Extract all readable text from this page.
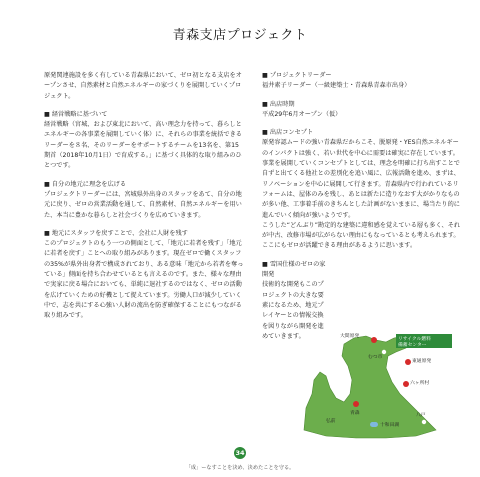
青森支店プロジェクト

原発関連施設を多く有している青森県において、ゼロ初となる支店をオープンさせ、自然素材と自然エネルギーの家づくりを展開していくプロジェクト。

■ 経営戦略に基づいて

経営戦略（宮城、および東北において、高い理念力を持って、暮らしとエネルギーの各事業を展開していく体）に、それらの事業を統括できるリーダーを８名、そのリーダーをサポートするチームを13名を、第15期首（2018年10月1日）で育成する。」に基づく具体的な取り組みのひとつです。

■ 自分の地元に理念を広げる

プロジェクトリーダーには、宮城県外出身のスタッフをあて、自分の地元に戻り、ゼロの営業活動を通して、自然素材、自然エネルギーを用いた、本当に豊かな暮らしと社会づくりを広めていきます。

■ 地元にスタッフを戻すことで、会社に人財を残す

このプロジェクトのもう一つの側面として、「地元に若者を残す」「地元に若者を戻す」ことへの取り組みがあります。現在ゼロで働くスタッフの35%が県外出身者で構成されており、ある意味「地元から若者を奪っている」側面を持ち合わせているとも言えるのです。また、様々な理由で実家に戻る場合においても、単純に退社するのではなく、ゼロの活動を広げていくための好機として捉えています。労働人口が減少していく中で、志を共にする心強い人財の流出を防ぎ確保することにもつながる取り組みです。

■ プロジェクトリーダー

福井素子リーダー（一級建築士・青森県青森市出身）

■ 出店時期

平成29年6月オープン（仮）

■ 出店コンセプト

原発容認ムードの強い青森県だからこそ、脱原発・YES自然エネルギーのインパクトは強く、若い世代を中心に需要は確実に存在しています。事業を展開していくコンセプトとしては、理念を明確に打ち出すことで自ずと出てくる他社との差別化を追い風に、広報活動を進め、まずは、リノベーションを中心に展開して行きます。青森県内で行われているリフォームは、屋体のみを残し、あとは新たに造りなおす大がかりなものが多い他、工事着手前のきちんとした計画がないままに、場当たり的に進んでいく傾向が強いようです。

こうした“どんぶり”勘定的な建築に違和感を覚えている層も多く、それが中古、改修市場が広がらない理由にもなっているとも考えられます。ここにもゼロが活躍できる理由があるように思います。

■ 雪国仕様のゼロの家開発

技術的な開発もこのプロジェクトの大きな要素になるため、地元プレイヤーとの情報交換を図りながら開発を進めていきます。	大間原発
むつ市
リサイクル燃料
備蓄センター
東通原発
六ヶ所村
青森
弘前
十和田湖
八戸
34
「成」ーなすことを決め、決めたことを守る。
